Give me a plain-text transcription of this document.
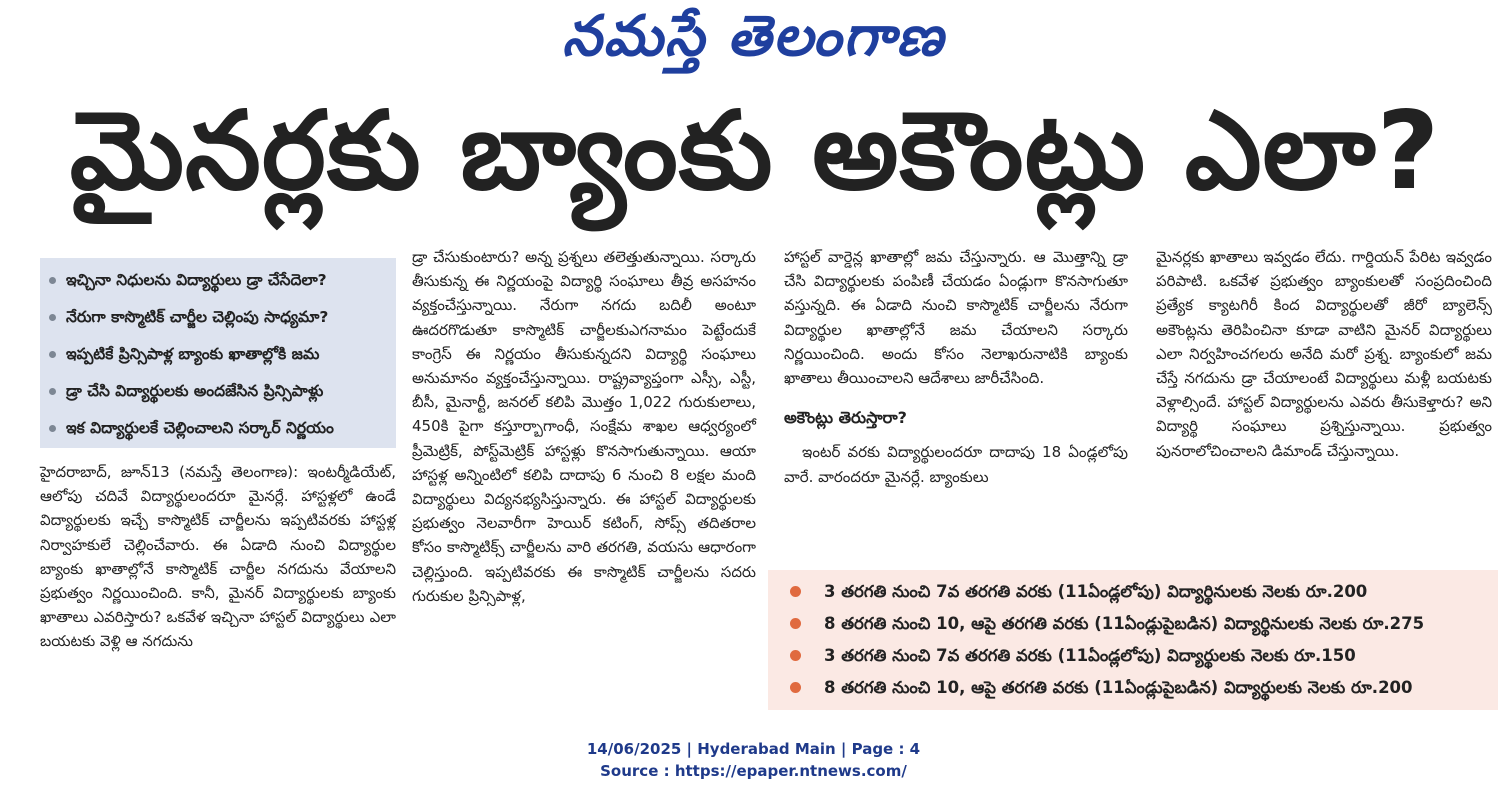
నమస్తే తెలంగాణ
మైనర్లకు బ్యాంకు అకౌంట్లు ఎలా?
ఇచ్చినా నిధులను విద్యార్థులు డ్రా చేసేదెలా?
నేరుగా కాస్మొటిక్ చార్జీల చెల్లింపు సాధ్యమా?
ఇప్పటికే ప్రిన్సిపాళ్ల బ్యాంకు ఖాతాల్లోకి జమ
డ్రా చేసి విద్యార్థులకు అందజేసిన ప్రిన్సిపాళ్లు
ఇక విద్యార్థులకే చెల్లించాలని సర్కార్ నిర్ణయం

హైదరాబాద్, జూన్13 (నమస్తే తెలంగాణ): ఇంటర్మీడియేట్, ఆలోపు చదివే విద్యార్థులందరూ మైనర్లే. హాస్టళ్లలో ఉండే విద్యార్థులకు ఇచ్చే కాస్మొటిక్ చార్జీలను ఇప్పటివరకు హాస్టళ్ల నిర్వాహకులే చెల్లించేవారు. ఈ ఏడాది నుంచి విద్యార్థుల బ్యాంకు ఖాతాల్లోనే కాస్మొటిక్ చార్జీల నగదును వేయాలని ప్రభుత్వం నిర్ణయించింది. కానీ, మైనర్ విద్యార్థులకు బ్యాంకు ఖాతాలు ఎవరిస్తారు? ఒకవేళ ఇచ్చినా హాస్టల్ విద్యార్థులు ఎలా బయటకు వెళ్లి ఆ నగదును

డ్రా చేసుకుంటారు? అన్న ప్రశ్నలు తలెత్తుతున్నాయి. సర్కారు తీసుకున్న ఈ నిర్ణయంపై విద్యార్థి సంఘాలు తీవ్ర అసహనం వ్యక్తంచేస్తున్నాయి. నేరుగా నగదు బదిలీ అంటూ ఊదరగొడుతూ కాస్మొటిక్ చార్జీలకుఎగనామం పెట్టేందుకే కాంగ్రెస్ ఈ నిర్ణయం తీసుకున్నదని విద్యార్థి సంఘాలు అనుమానం వ్యక్తంచేస్తున్నాయి. రాష్ట్రవ్యాప్తంగా ఎస్సీ, ఎస్టీ, బీసీ, మైనార్టీ, జనరల్ కలిపి మొత్తం 1,022 గురుకులాలు, 450కి పైగా కస్తూర్బాగాంధీ, సంక్షేమ శాఖల ఆధ్వర్యంలో ప్రీమెట్రిక్, పోస్ట్‌మెట్రిక్ హాస్టళ్లు కొనసాగుతున్నాయి. ఆయా హాస్టళ్ల అన్నింటిలో కలిపి దాదాపు 6 నుంచి 8 లక్షల మంది విద్యార్థులు విద్యనభ్యసిస్తున్నారు. ఈ హాస్టల్ విద్యార్థులకు ప్రభుత్వం నెలవారీగా హెయిర్ కటింగ్, సోప్స్ తదితరాల కోసం కాస్మొటిక్స్ చార్జీలను వారి తరగతి, వయసు ఆధారంగా చెల్లిస్తుంది. ఇప్పటివరకు ఈ కాస్మొటిక్ చార్జీలను సదరు గురుకుల ప్రిన్సిపాళ్ల,

హాస్టల్ వార్డెన్ల ఖాతాల్లో జమ చేస్తున్నారు. ఆ మొత్తాన్ని డ్రా చేసి విద్యార్థులకు పంపిణీ చేయడం ఏండ్లుగా కొనసాగుతూ వస్తున్నది. ఈ ఏడాది నుంచి కాస్మొటిక్ చార్జీలను నేరుగా విద్యార్థుల ఖాతాల్లోనే జమ చేయాలని సర్కారు నిర్ణయించింది. అందు కోసం నెలాఖరునాటికి బ్యాంకు ఖాతాలు తీయించాలని ఆదేశాలు జారీచేసింది.

అకౌంట్లు తెరుస్తారా?

ఇంటర్ వరకు విద్యార్థులందరూ దాదాపు 18 ఏండ్లలోపు వారే. వారందరూ మైనర్లే. బ్యాంకులు

మైనర్లకు ఖాతాలు ఇవ్వడం లేదు. గార్డియన్ పేరిట ఇవ్వడం పరిపాటి. ఒకవేళ ప్రభుత్వం బ్యాంకులతో సంప్రదించింది ప్రత్యేక క్యాటగిరీ కింద విద్యార్థులతో జీరో బ్యాలెన్స్ అకౌంట్లను తెరిపించినా కూడా వాటిని మైనర్ విద్యార్థులు ఎలా నిర్వహించగలరు అనేది మరో ప్రశ్న. బ్యాంకులో జమ చేస్తే నగదును డ్రా చేయాలంటే విద్యార్థులు మళ్లీ బయటకు వెళ్లాల్సిందే. హాస్టల్ విద్యార్థులను ఎవరు తీసుకెళ్తారు? అని విద్యార్థి సంఘాలు ప్రశ్నిస్తున్నాయి. ప్రభుత్వం పునరాలోచించాలని డిమాండ్ చేస్తున్నాయి.

3 తరగతి నుంచి 7వ తరగతి వరకు (11ఏండ్లలోపు) విద్యార్థినులకు నెలకు రూ.200
8 తరగతి నుంచి 10, ఆపై తరగతి వరకు (11ఏండ్లుపైబడిన) విద్యార్థినులకు నెలకు రూ.275
3 తరగతి నుంచి 7వ తరగతి వరకు (11ఏండ్లలోపు) విద్యార్థులకు నెలకు రూ.150
8 తరగతి నుంచి 10, ఆపై తరగతి వరకు (11ఏండ్లుపైబడిన) విద్యార్థులకు నెలకు రూ.200
14/06/2025 | Hyderabad Main | Page : 4
Source : https://epaper.ntnews.com/
